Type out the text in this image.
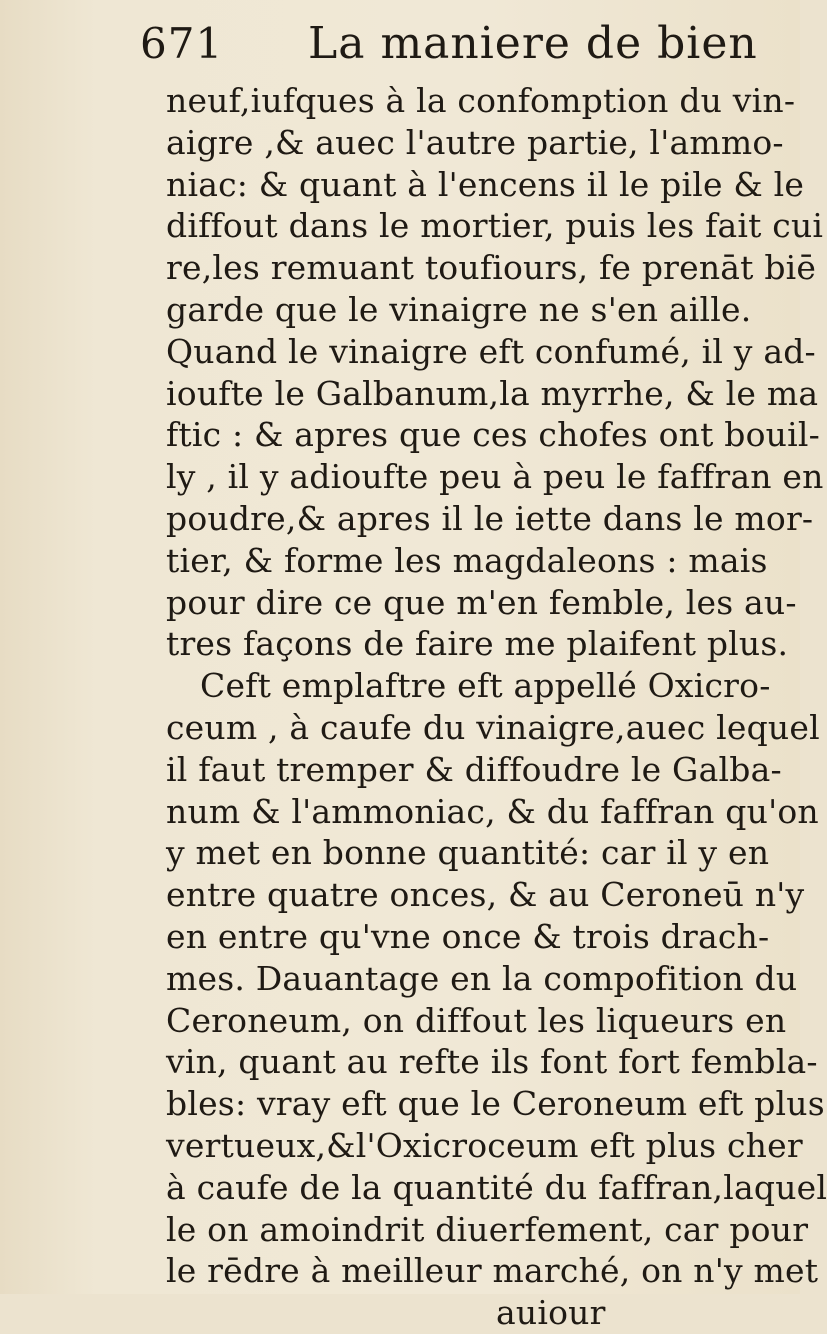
671 La maniere de bien
neuf,iufques à la confomption du vin-
aigre ,& auec l'autre partie, l'ammo-
niac: & quant à l'encens il le pile & le
diffout dans le mortier, puis les fait cui
re,les remuant toufiours, fe prenāt biē
garde que le vinaigre ne s'en aille.
Quand le vinaigre eft confumé, il y ad-
ioufte le Galbanum,la myrrhe, & le ma
ftic : & apres que ces chofes ont bouil-
ly , il y adioufte peu à peu le faffran en
poudre,& apres il le iette dans le mor-
tier, & forme les magdaleons : mais
pour dire ce que m'en femble, les au-
tres façons de faire me plaifent plus.
Ceft emplaftre eft appellé Oxicro-
ceum , à caufe du vinaigre,auec lequel
il faut tremper & diffoudre le Galba-
num & l'ammoniac, & du faffran qu'on
y met en bonne quantité: car il y en
entre quatre onces, & au Ceroneū n'y
en entre qu'vne once & trois drach-
mes. Dauantage en la compofition du
Ceroneum, on diffout les liqueurs en
vin, quant au refte ils font fort fembla-
bles: vray eft que le Ceroneum eft plus
vertueux,&l'Oxicroceum eft plus cher
à caufe de la quantité du faffran,laquel
le on amoindrit diuerfement, car pour
le rēdre à meilleur marché, on n'y met
auiour
